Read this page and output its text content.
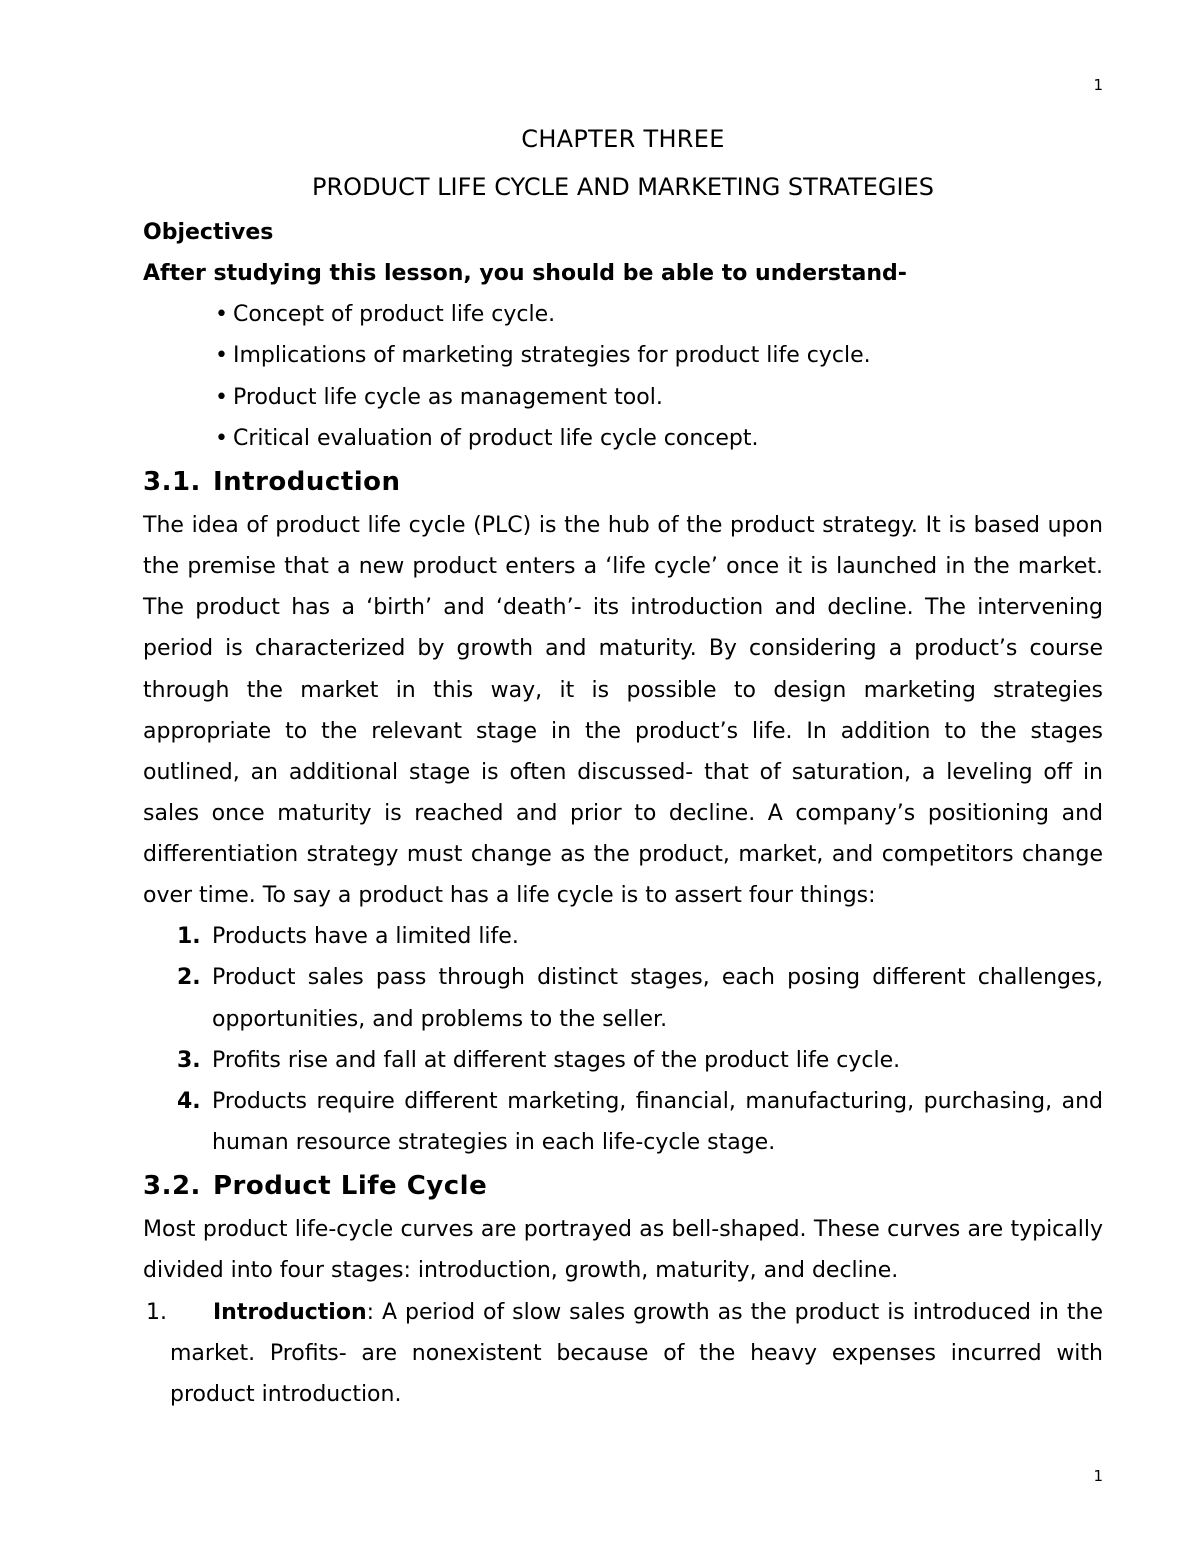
1
CHAPTER THREE
PRODUCT LIFE CYCLE AND MARKETING STRATEGIES

Objectives

After studying this lesson, you should be able to understand-

• Concept of product life cycle.
• Implications of marketing strategies for product life cycle.
• Product life cycle as management tool.
• Critical evaluation of product life cycle concept.
3.1. Introduction

The idea of product life cycle (PLC) is the hub of the product strategy. It is based upon the premise that a new product enters a ‘life cycle’ once it is launched in the market. The product has a ‘birth’ and ‘death’- its introduction and decline. The intervening period is characterized by growth and maturity. By considering a product’s course through the market in this way, it is possible to design marketing strategies appropriate to the relevant stage in the product’s life. In addition to the stages outlined, an additional stage is often discussed- that of saturation, a leveling off in sales once maturity is reached and prior to decline. A company’s positioning and differentiation strategy must change as the product, market, and competitors change over time. To say a product has a life cycle is to assert four things:

1. Products have a limited life.
2. Product sales pass through distinct stages, each posing different challenges, opportunities, and problems to the seller.
3. Profits rise and fall at different stages of the product life cycle.
4. Products require different marketing, financial, manufacturing, purchasing, and human resource strategies in each life-cycle stage.
3.2. Product Life Cycle

Most product life-cycle curves are portrayed as bell-shaped. These curves are typically divided into four stages: introduction, growth, maturity, and decline.

1. Introduction: A period of slow sales growth as the product is introduced in the market. Profits- are nonexistent because of the heavy expenses incurred with product introduction.
1
